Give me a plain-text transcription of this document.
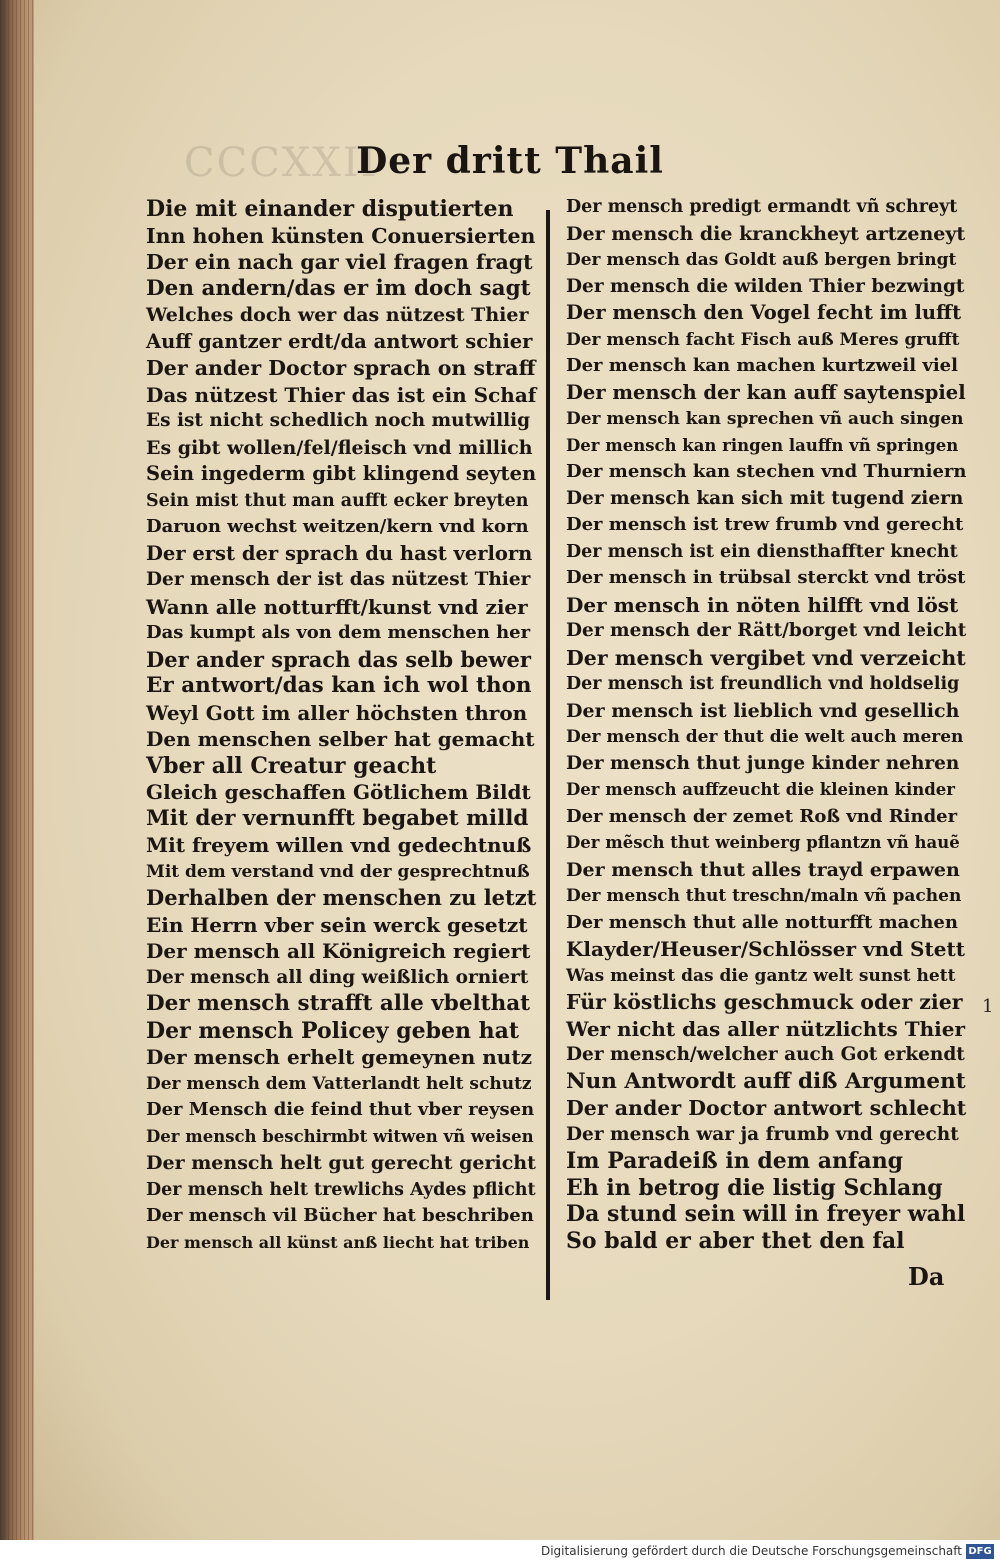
CCCXXII
Der dritt Thail
Die mit einander disputierten
Inn hohen künsten Conuersierten
Der ein nach gar viel fragen fragt
Den andern/das er im doch sagt
Welches doch wer das nützest Thier
Auff gantzer erdt/da antwort schier
Der ander Doctor sprach on straff
Das nützest Thier das ist ein Schaf
Es ist nicht schedlich noch mutwillig
Es gibt wollen/fel/fleisch vnd millich
Sein ingederm gibt klingend seyten
Sein mist thut man aufft ecker breyten
Daruon wechst weitzen/kern vnd korn
Der erst der sprach du hast verlorn
Der mensch der ist das nützest Thier
Wann alle notturfft/kunst vnd zier
Das kumpt als von dem menschen her
Der ander sprach das selb bewer
Er antwort/das kan ich wol thon
Weyl Gott im aller höchsten thron
Den menschen selber hat gemacht
Vber all Creatur geacht
Gleich geschaffen Götlichem Bildt
Mit der vernunfft begabet milld
Mit freyem willen vnd gedechtnuß
Mit dem verstand vnd der gesprechtnuß
Derhalben der menschen zu letzt
Ein Herrn vber sein werck gesetzt
Der mensch all Königreich regiert
Der mensch all ding weißlich orniert
Der mensch strafft alle vbelthat
Der mensch Policey geben hat
Der mensch erhelt gemeynen nutz
Der mensch dem Vatterlandt helt schutz
Der Mensch die feind thut vber reysen
Der mensch beschirmbt witwen vñ weisen
Der mensch helt gut gerecht gericht
Der mensch helt trewlichs Aydes pflicht
Der mensch vil Bücher hat beschriben
Der mensch all künst anß liecht hat triben
Der mensch predigt ermandt vñ schreyt
Der mensch die kranckheyt artzeneyt
Der mensch das Goldt auß bergen bringt
Der mensch die wilden Thier bezwingt
Der mensch den Vogel fecht im lufft
Der mensch facht Fisch auß Meres grufft
Der mensch kan machen kurtzweil viel
Der mensch der kan auff saytenspiel
Der mensch kan sprechen vñ auch singen
Der mensch kan ringen lauffn vñ springen
Der mensch kan stechen vnd Thurniern
Der mensch kan sich mit tugend ziern
Der mensch ist trew frumb vnd gerecht
Der mensch ist ein diensthaffter knecht
Der mensch in trübsal sterckt vnd tröst
Der mensch in nöten hilfft vnd löst
Der mensch der Rätt/borget vnd leicht
Der mensch vergibet vnd verzeicht
Der mensch ist freundlich vnd holdselig
Der mensch ist lieblich vnd gesellich
Der mensch der thut die welt auch meren
Der mensch thut junge kinder nehren
Der mensch auffzeucht die kleinen kinder
Der mensch der zemet Roß vnd Rinder
Der mẽsch thut weinberg pflantzn vñ hauẽ
Der mensch thut alles trayd erpawen
Der mensch thut treschn/maln vñ pachen
Der mensch thut alle notturfft machen
Klayder/Heuser/Schlösser vnd Stett
Was meinst das die gantz welt sunst hett
Für köstlichs geschmuck oder zier
Wer nicht das aller nützlichts Thier
Der mensch/welcher auch Got erkendt
Nun Antwordt auff diß Argument
Der ander Doctor antwort schlecht
Der mensch war ja frumb vnd gerecht
Im Paradeiß in dem anfang
Eh in betrog die listig Schlang
Da stund sein will in freyer wahl
So bald er aber thet den fal
Da
1
Digitalisierung gefördert durch die Deutsche Forschungsgemeinschaft DFG
